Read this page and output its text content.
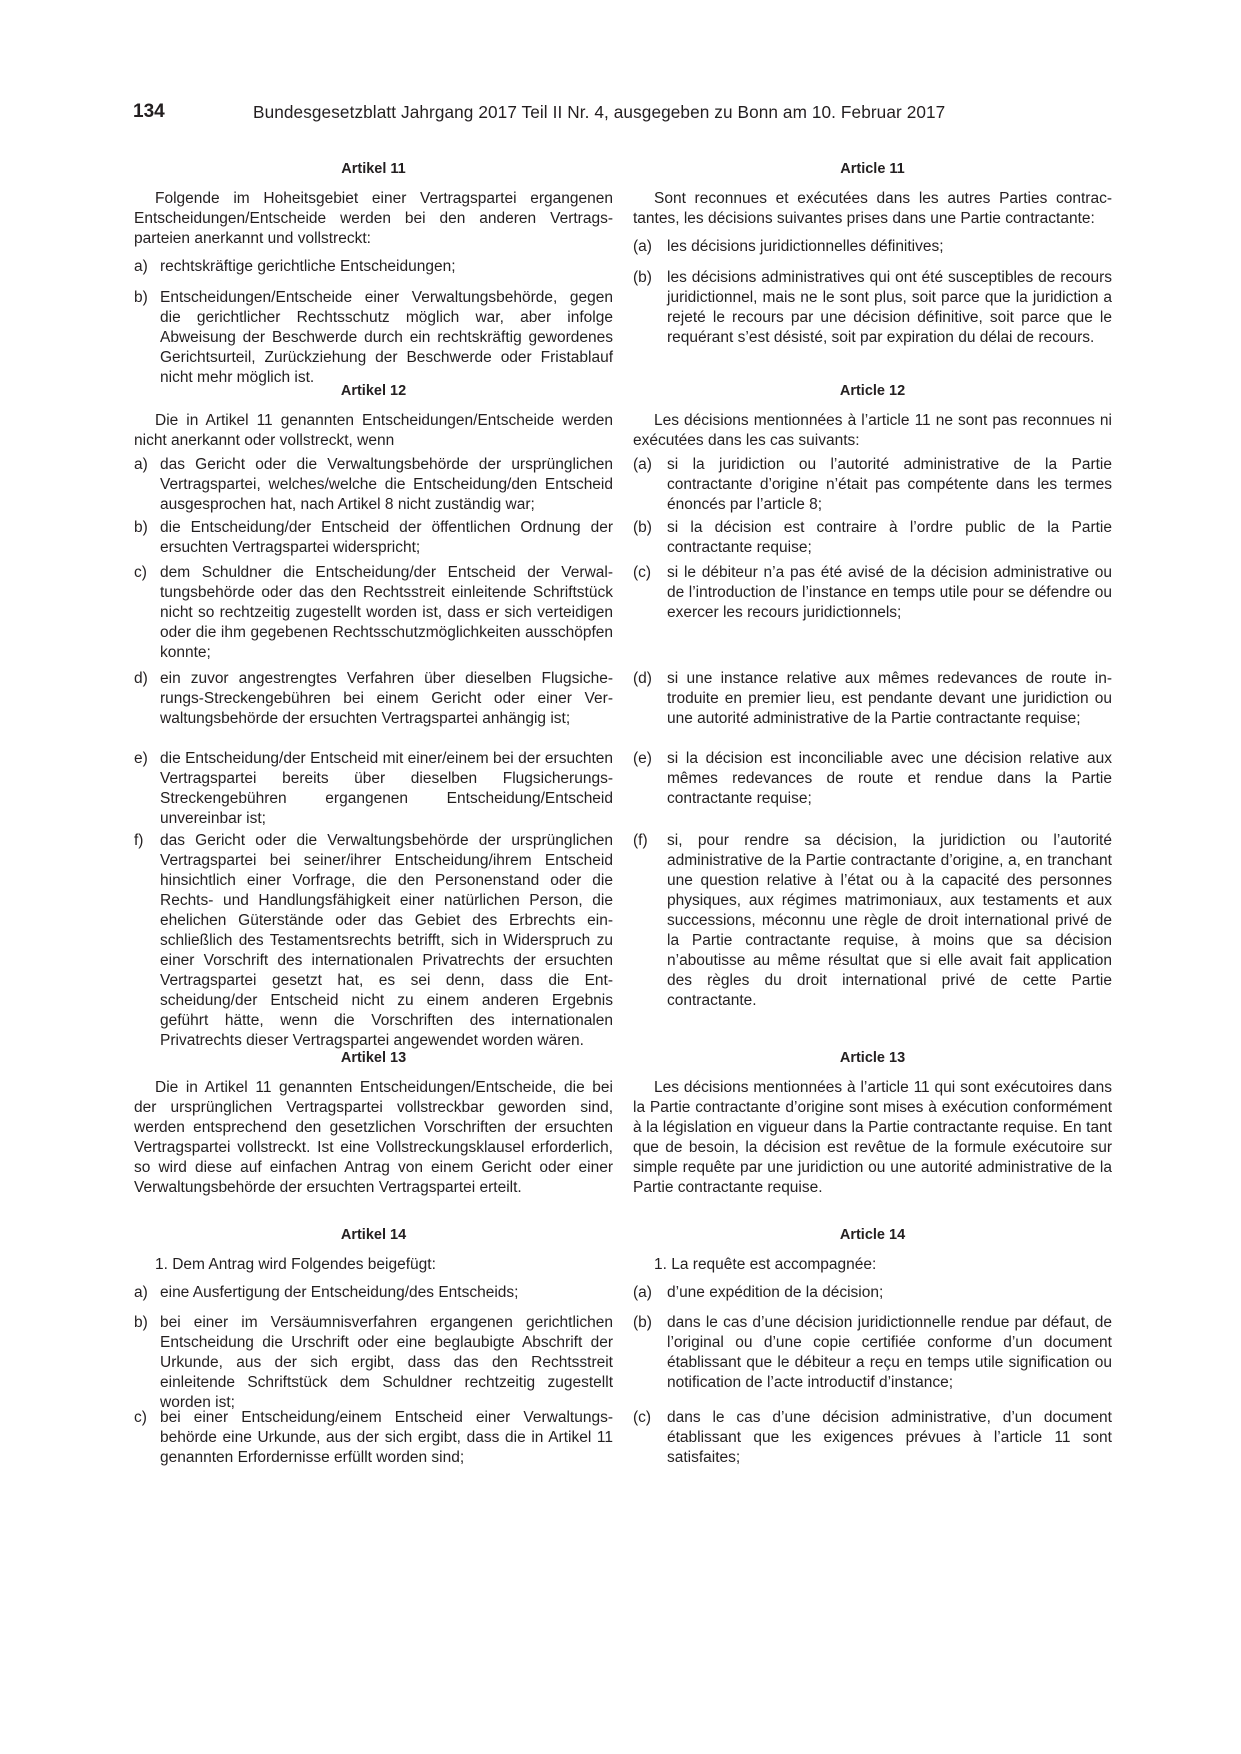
134	Bundesgesetzblatt Jahrgang 2017 Teil II Nr. 4, ausgegeben zu Bonn am 10. Februar 2017
Artikel 11

Folgende im Hoheitsgebiet einer Vertragspartei ergangenen Entscheidungen/Entscheide werden bei den anderen Vertragsparteien anerkannt und vollstreckt:

a) rechtskräftige gerichtliche Entscheidungen;
b) Entscheidungen/Entscheide einer Verwaltungsbehörde, gegen die gerichtlicher Rechtsschutz möglich war, aber infolge Abweisung der Beschwerde durch ein rechtskräftig gewordenes Gerichtsurteil, Zurückziehung der Beschwerde oder Fristablauf nicht mehr möglich ist.
Artikel 12

Die in Artikel 11 genannten Entscheidungen/Entscheide werden nicht anerkannt oder vollstreckt, wenn

a) das Gericht oder die Verwaltungsbehörde der ursprünglichen Vertragspartei, welches/welche die Entscheidung/den Entscheid ausgesprochen hat, nach Artikel 8 nicht zuständig war;
b) die Entscheidung/der Entscheid der öffentlichen Ordnung der ersuchten Vertragspartei widerspricht;
c) dem Schuldner die Entscheidung/der Entscheid der Verwaltungsbehörde oder das den Rechtsstreit einleitende Schriftstück nicht so rechtzeitig zugestellt worden ist, dass er sich verteidigen oder die ihm gegebenen Rechtsschutzmöglichkeiten ausschöpfen konnte;
d) ein zuvor angestrengtes Verfahren über dieselben Flugsicherungs-Streckengebühren bei einem Gericht oder einer Verwaltungsbehörde der ersuchten Vertragspartei anhängig ist;
e) die Entscheidung/der Entscheid mit einer/einem bei der ersuchten Vertragspartei bereits über dieselben Flugsicherungs-Streckengebühren ergangenen Entscheidung/Entscheid unvereinbar ist;
f)	das Gericht oder die Verwaltungsbehörde der ursprünglichen Vertragspartei bei seiner/ihrer Entscheidung/ihrem Entscheid hinsichtlich einer Vorfrage, die den Personenstand oder die Rechts- und Handlungsfähigkeit einer natürlichen Person, die ehelichen Güterstände oder das Gebiet des Erbrechts einschließlich des Testamentsrechts betrifft, sich in Widerspruch zu einer Vorschrift des internationalen Privatrechts der ersuchten Vertragspartei gesetzt hat, es sei denn, dass die Entscheidung/der Entscheid nicht zu einem anderen Ergebnis geführt hätte, wenn die Vorschriften des internationalen Privatrechts dieser Vertragspartei angewendet worden wären.
Artikel 13

Die in Artikel 11 genannten Entscheidungen/Entscheide, die bei der ursprünglichen Vertragspartei vollstreckbar geworden sind, werden entsprechend den gesetzlichen Vorschriften der ersuchten Vertragspartei vollstreckt. Ist eine Vollstreckungsklausel erforderlich, so wird diese auf einfachen Antrag von einem Gericht oder einer Verwaltungsbehörde der ersuchten Vertragspartei erteilt.

Artikel 14

1. Dem Antrag wird Folgendes beigefügt:

a) eine Ausfertigung der Entscheidung/des Entscheids;
b) bei einer im Versäumnisverfahren ergangenen gerichtlichen Entscheidung die Urschrift oder eine beglaubigte Abschrift der Urkunde, aus der sich ergibt, dass das den Rechtsstreit einleitende Schriftstück dem Schuldner rechtzeitig zugestellt worden ist;
c) bei einer Entscheidung/einem Entscheid einer Verwaltungsbehörde eine Urkunde, aus der sich ergibt, dass die in Artikel 11 genannten Erfordernisse erfüllt worden sind;
Article 11

Sont reconnues et exécutées dans les autres Parties contractantes, les décisions suivantes prises dans une Partie contractante:

(a) les décisions juridictionnelles définitives;
(b) les décisions administratives qui ont été susceptibles de recours juridictionnel, mais ne le sont plus, soit parce que la juridiction a rejeté le recours par une décision définitive, soit parce que le requérant s’est désisté, soit par expiration du délai de recours.
Article 12

Les décisions mentionnées à l’article 11 ne sont pas reconnues ni exécutées dans les cas suivants:

(a) si la juridiction ou l’autorité administrative de la Partie contractante d’origine n’était pas compétente dans les termes énoncés par l’article 8;
(b) si la décision est contraire à l’ordre public de la Partie contractante requise;
(c)	si le débiteur n’a pas été avisé de la décision administrative ou de l’introduction de l’instance en temps utile pour se défendre ou exercer les recours juridictionnels;
(d) si une instance relative aux mêmes redevances de route introduite en premier lieu, est pendante devant une juridiction ou une autorité administrative de la Partie contractante requise;
(e) si la décision est inconciliable avec une décision relative aux mêmes redevances de route et rendue dans la Partie contractante requise;
(f)	si, pour rendre sa décision, la juridiction ou l’autorité administrative de la Partie contractante d’origine, a, en tranchant une question relative à l’état ou à la capacité des personnes physiques, aux régimes matrimoniaux, aux testaments et aux successions, méconnu une règle de droit international privé de la Partie contractante requise, à moins que sa décision n’aboutisse au même résultat que si elle avait fait application des règles du droit international privé de cette Partie contractante.
Article 13

Les décisions mentionnées à l’article 11 qui sont exécutoires dans la Partie contractante d’origine sont mises à exécution conformément à la législation en vigueur dans la Partie contractante requise. En tant que de besoin, la décision est revêtue de la formule exécutoire sur simple requête par une juridiction ou une autorité administrative de la Partie contractante requise.

Article 14

1. La requête est accompagnée:

(a) d’une expédition de la décision;
(b) dans le cas d’une décision juridictionnelle rendue par défaut, de l’original ou d’une copie certifiée conforme d’un document établissant que le débiteur a reçu en temps utile signification ou notification de l’acte introductif d’instance;
(c)	dans le cas d’une décision administrative, d’un document établissant que les exigences prévues à l’article 11 sont satisfaites;
